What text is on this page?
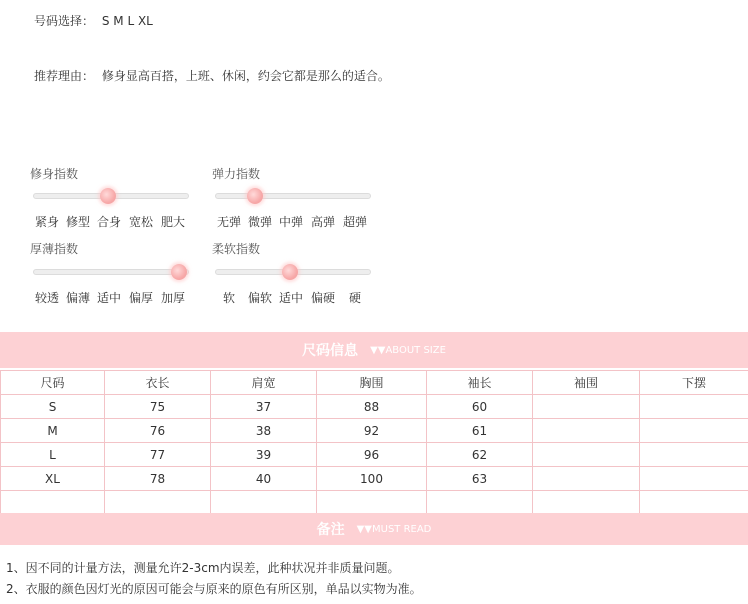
号码选择： S M L XL
推荐理由： 修身显高百搭，上班、休闲，约会它都是那么的适合。
修身指数
紧身 修型 合身 宽松 肥大
弹力指数
无弹 微弹 中弹 高弹 超弹
厚薄指数
较透 偏薄 适中 偏厚 加厚
柔软指数
软 偏软 适中 偏硬 硬
尺码信息 ▼▼ABOUT SIZE
尺码	衣长	肩宽	胸围	袖长	袖围	下摆
S	75	37	88	60		
M	76	38	92	61		
L	77	39	96	62		
XL	78	40	100	63		

备注 ▼▼MUST READ
1、因不同的计量方法，测量允许2-3cm内误差，此种状况并非质量问题。
2、衣服的颜色因灯光的原因可能会与原来的原色有所区别，单品以实物为准。
